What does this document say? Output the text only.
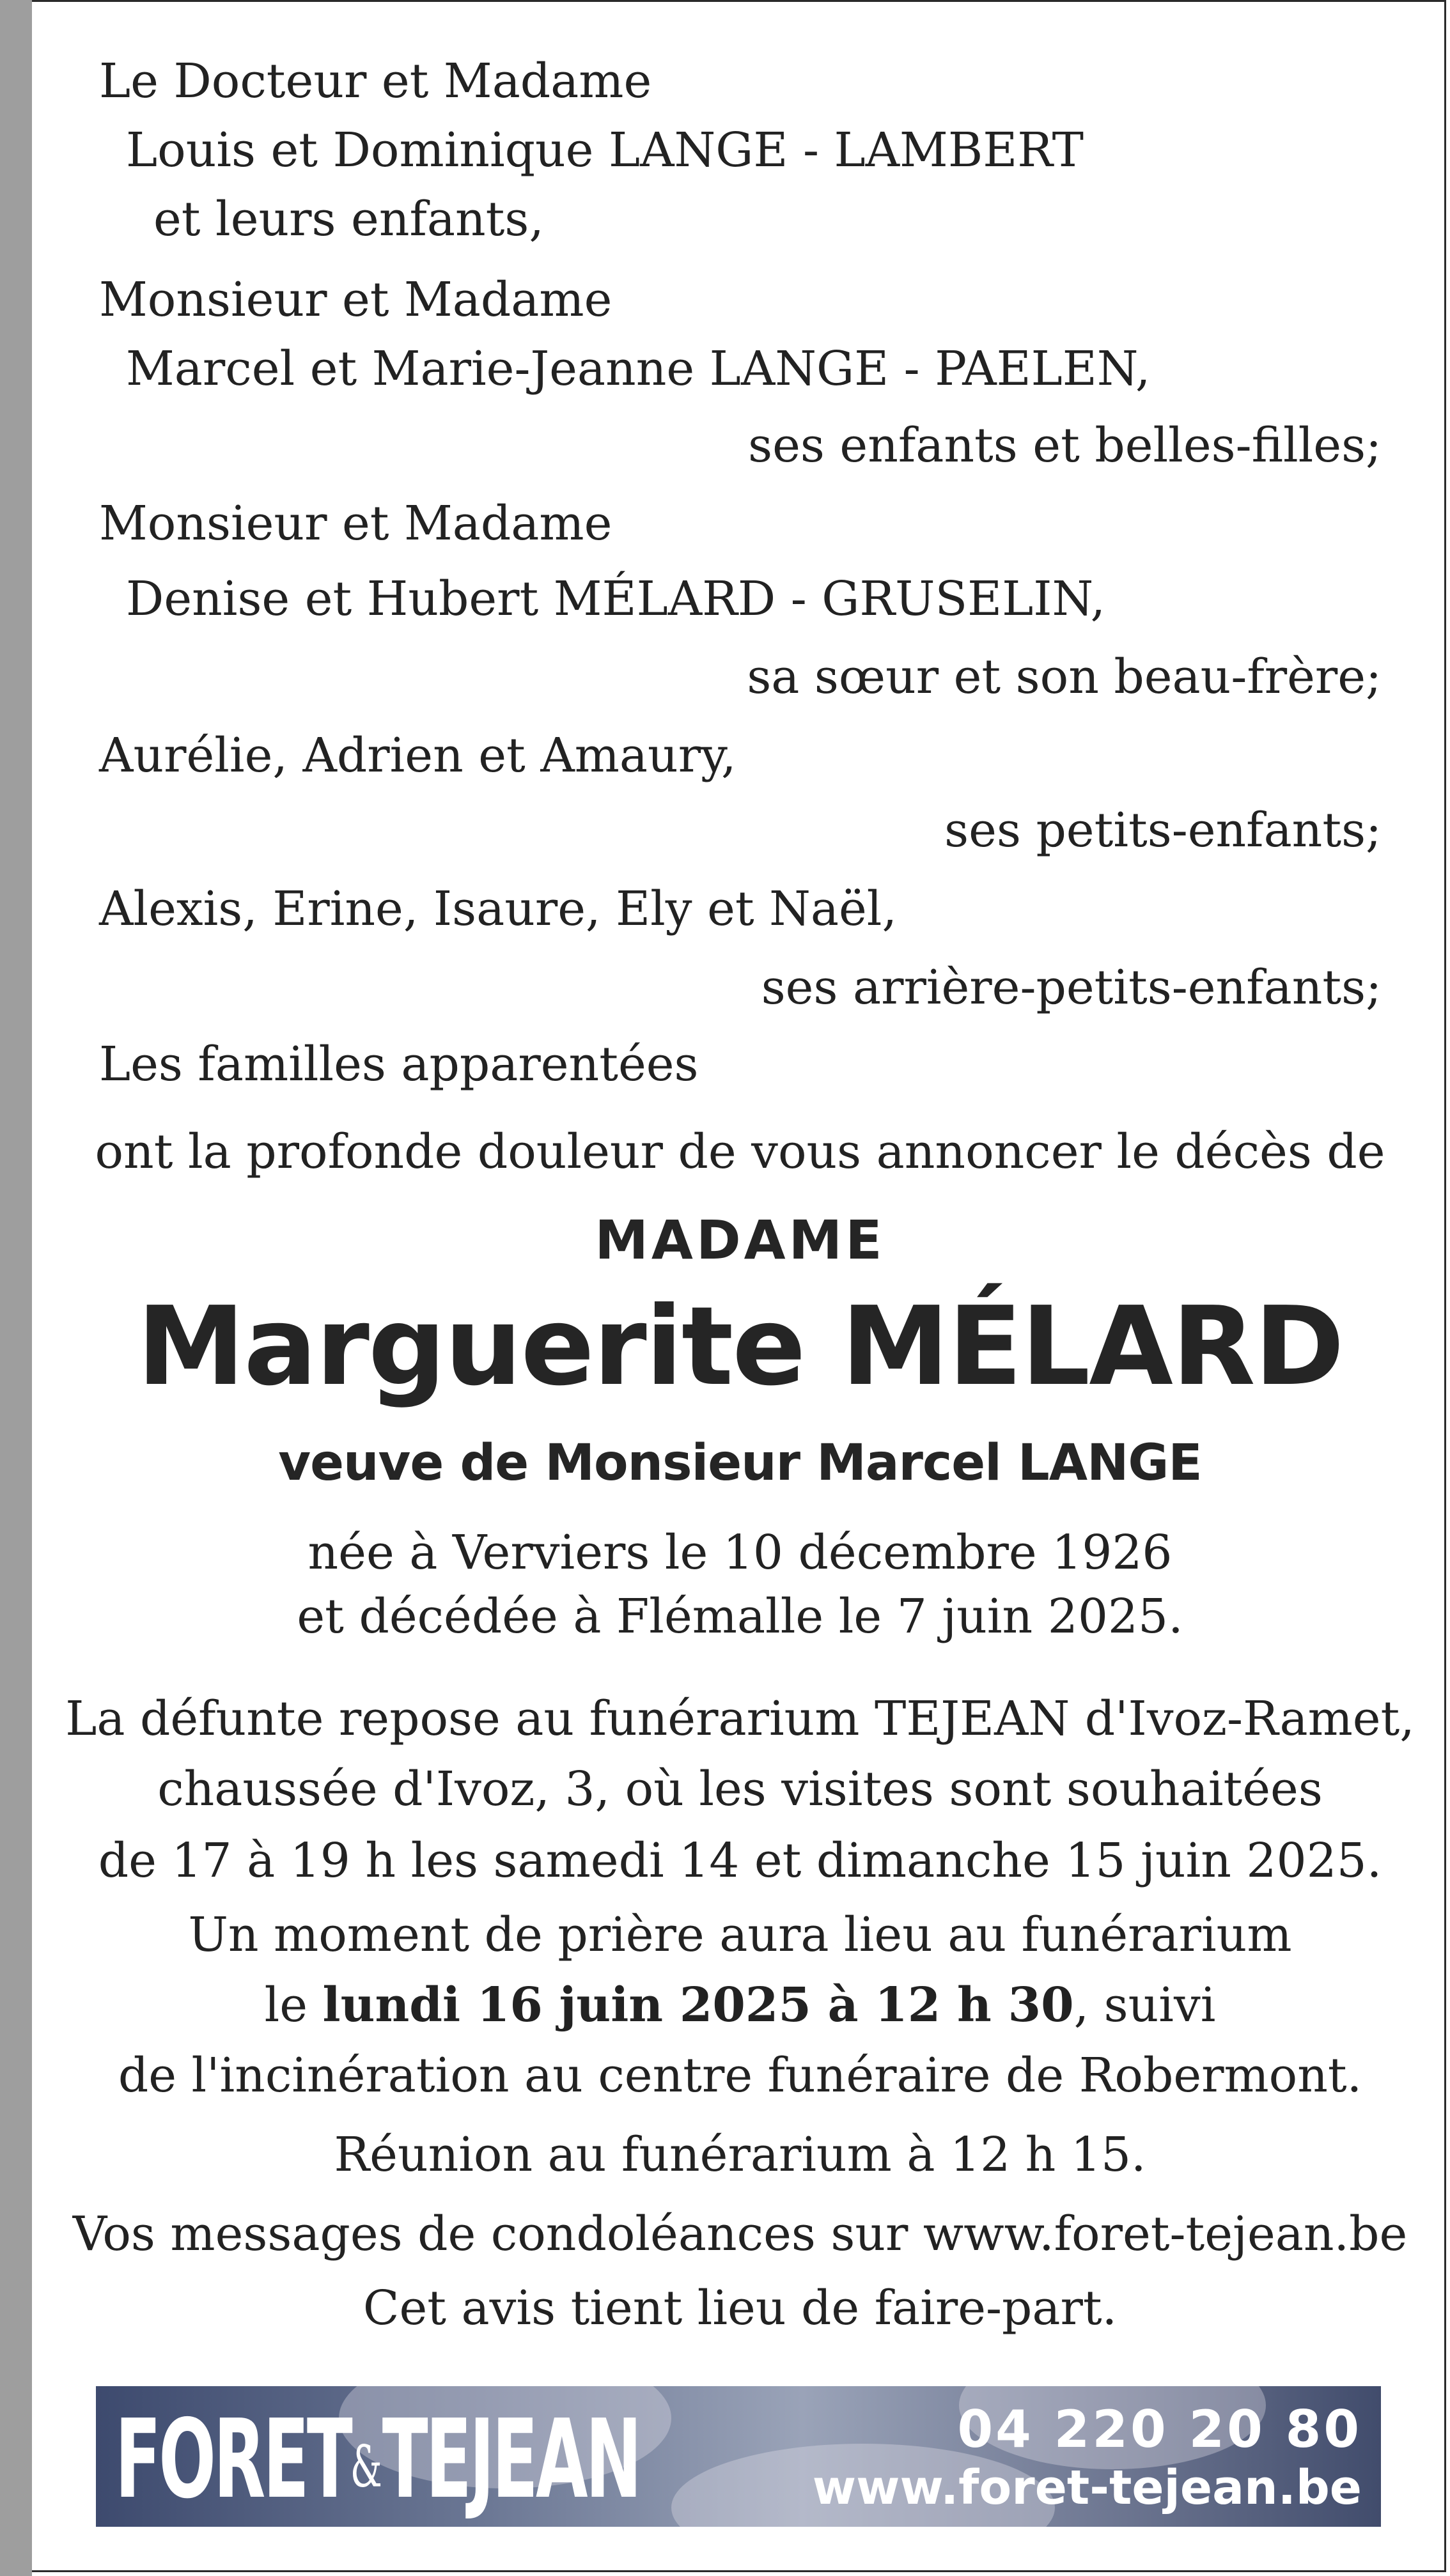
Le Docteur et Madame
Louis et Dominique LANGE - LAMBERT
et leurs enfants,
Monsieur et Madame
Marcel et Marie-Jeanne LANGE - PAELEN,
ses enfants et belles-filles;
Monsieur et Madame
Denise et Hubert MÉLARD - GRUSELIN,
sa sœur et son beau-frère;
Aurélie, Adrien et Amaury,
ses petits-enfants;
Alexis, Erine, Isaure, Ely et Naël,
ses arrière-petits-enfants;
Les familles apparentées
ont la profonde douleur de vous annoncer le décès de
MADAME
Marguerite MÉLARD
veuve de Monsieur Marcel LANGE
née à Verviers le 10 décembre 1926
et décédée à Flémalle le 7 juin 2025.
La défunte repose au funérarium TEJEAN d'Ivoz-Ramet,
chaussée d'Ivoz, 3, où les visites sont souhaitées
de 17 à 19 h les samedi 14 et dimanche 15 juin 2025.
Un moment de prière aura lieu au funérarium
le lundi 16 juin 2025 à 12 h 30, suivi
de l'incinération au centre funéraire de Robermont.
Réunion au funérarium à 12 h 15.
Vos messages de condoléances sur www.foret-tejean.be
Cet avis tient lieu de faire-part.
FORET&TEJEAN	04 220 20 80
www.foret-tejean.be
